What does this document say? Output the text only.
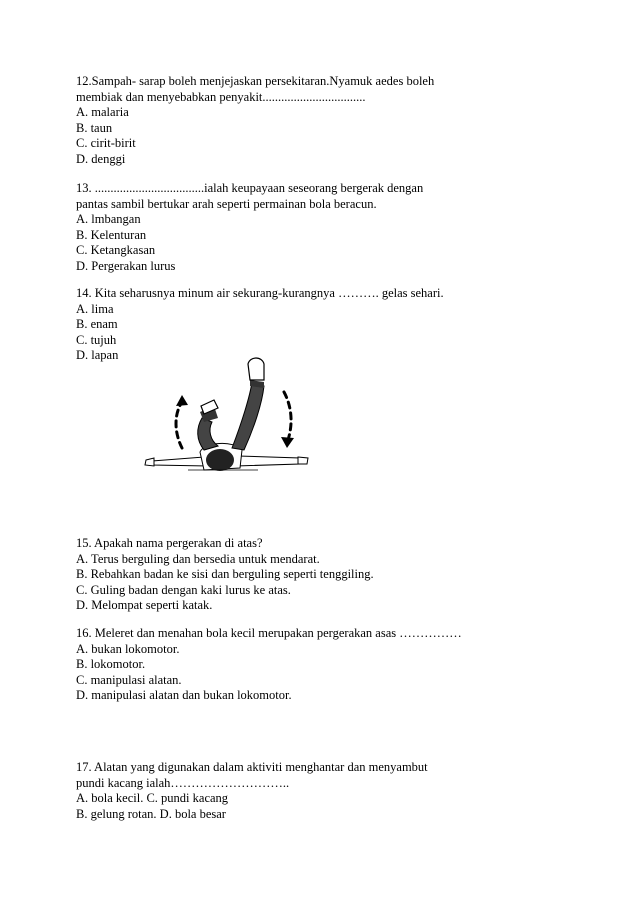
12.Sampah- sarap boleh menjejaskan persekitaran.Nyamuk aedes boleh
membiak dan menyebabkan penyakit.................................
A. malaria
B. taun
C. cirit-birit
D. denggi
13. ...................................ialah keupayaan seseorang bergerak dengan
pantas sambil bertukar arah seperti permainan bola beracun.
A. lmbangan
B. Kelenturan
C. Ketangkasan
D. Pergerakan lurus
14. Kita seharusnya minum air sekurang-kurangnya ………. gelas sehari.
A. lima
B. enam
C. tujuh
D. lapan
15. Apakah nama pergerakan di atas?
A. Terus berguling dan bersedia untuk mendarat.
B. Rebahkan badan ke sisi dan berguling seperti tenggiling.
C. Guling badan dengan kaki lurus ke atas.
D. Melompat seperti katak.
16. Meleret dan menahan bola kecil merupakan pergerakan asas ……………
A. bukan lokomotor.
B. lokomotor.
C. manipulasi alatan.
D. manipulasi alatan dan bukan lokomotor.
17. Alatan yang digunakan dalam aktiviti menghantar dan menyambut
pundi kacang ialah………………………..
A. bola kecil. C. pundi kacang
B. gelung rotan. D. bola besar
